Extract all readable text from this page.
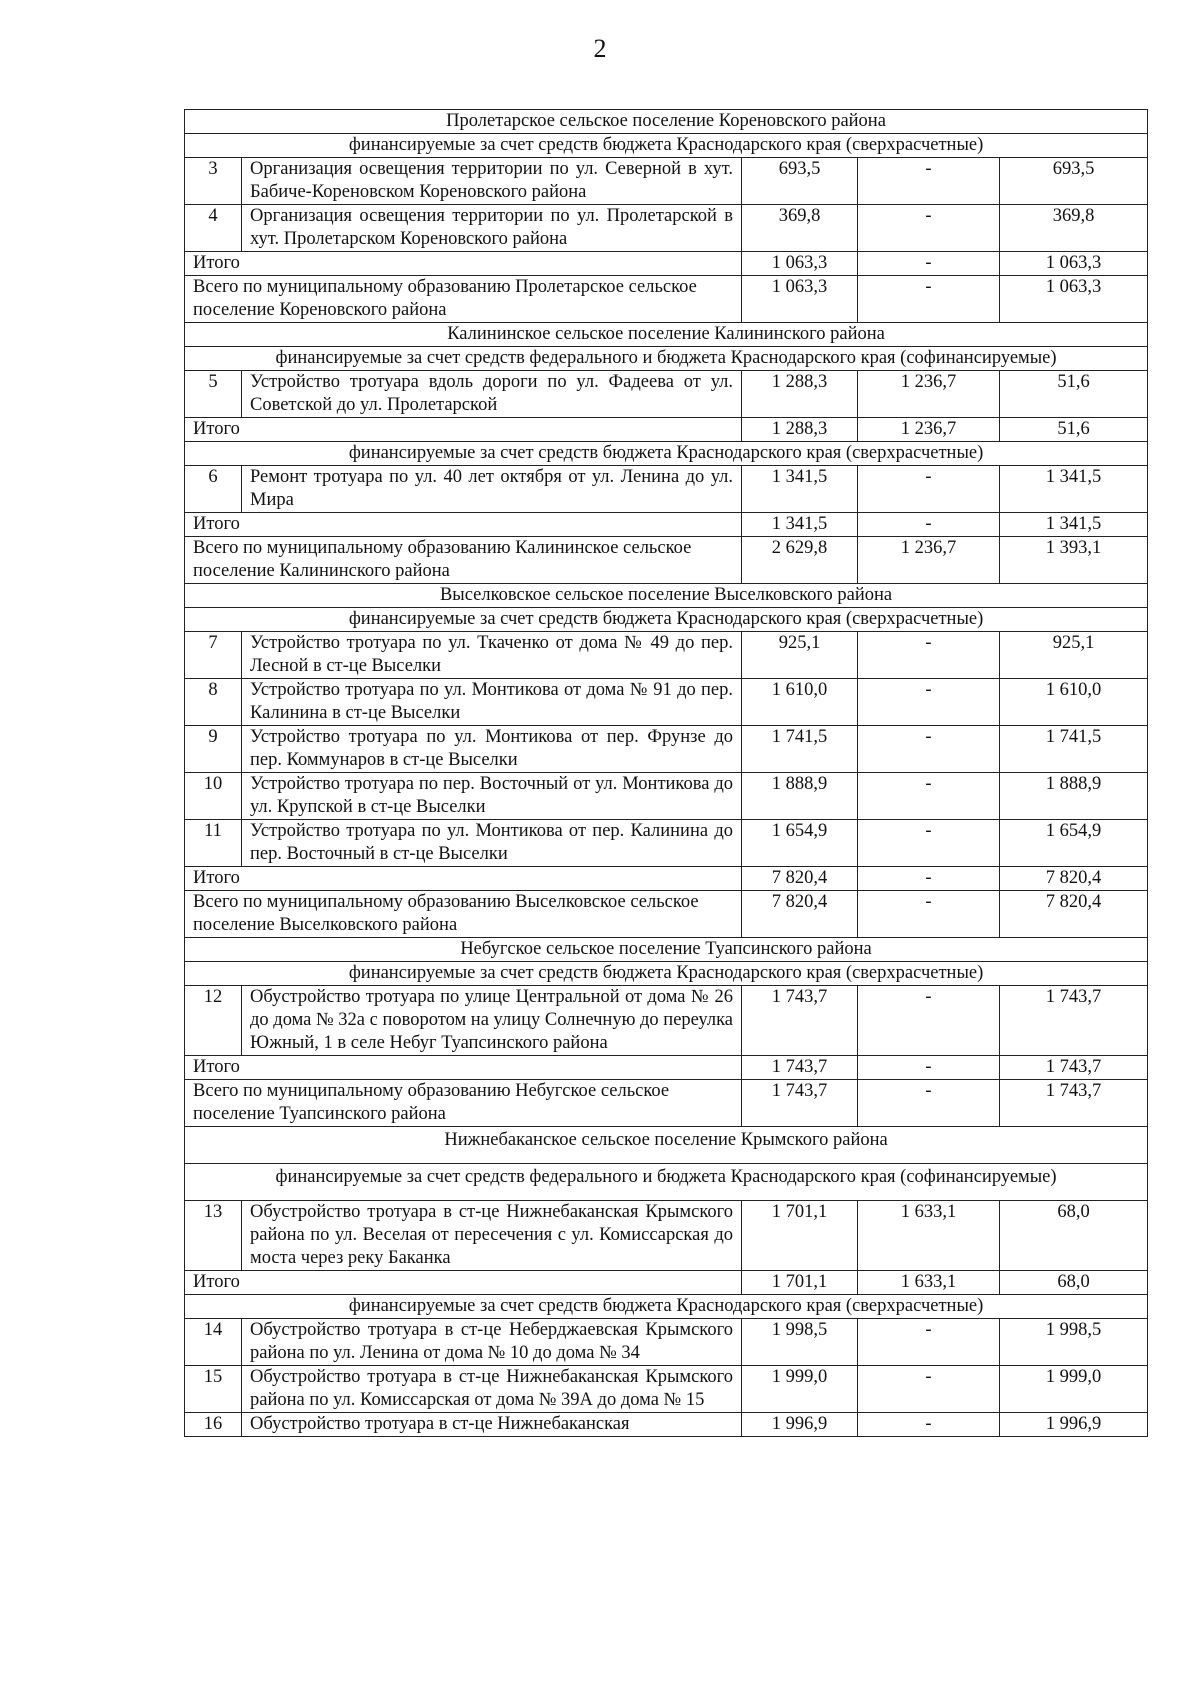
2
Пролетарское сельское поселение Кореновского района				
финансируемые за счет средств бюджета Краснодарского края (сверхрасчетные)				
3	Организация освещения территории по ул. Северной в хут. Бабиче-Кореновском Кореновского района	693,5	-	693,5
4	Организация освещения территории по ул. Пролетарской в хут. Пролетарском Кореновского района	369,8	-	369,8
Итого		1 063,3	-	1 063,3
Всего по муниципальному образованию Пролетарское сельское поселение Кореновского района		1 063,3	-	1 063,3
Калининское сельское поселение Калининского района				
финансируемые за счет средств федерального и бюджета Краснодарского края (софинансируемые)				
5	Устройство тротуара вдоль дороги по ул. Фадеева от ул. Советской до ул. Пролетарской	1 288,3	1 236,7	51,6
Итого		1 288,3	1 236,7	51,6
финансируемые за счет средств бюджета Краснодарского края (сверхрасчетные)				
6	Ремонт тротуара по ул. 40 лет октября от ул. Ленина до ул. Мира	1 341,5	-	1 341,5
Итого		1 341,5	-	1 341,5
Всего по муниципальному образованию Калининское сельское поселение Калининского района		2 629,8	1 236,7	1 393,1
Выселковское сельское поселение Выселковского района				
финансируемые за счет средств бюджета Краснодарского края (сверхрасчетные)				
7	Устройство тротуара по ул. Ткаченко от дома № 49 до пер. Лесной в ст-це Выселки	925,1	-	925,1
8	Устройство тротуара по ул. Монтикова от дома № 91 до пер. Калинина в ст-це Выселки	1 610,0	-	1 610,0
9	Устройство тротуара по ул. Монтикова от пер. Фрунзе до пер. Коммунаров в ст-це Выселки	1 741,5	-	1 741,5
10	Устройство тротуара по пер. Восточный от ул. Монтикова до ул. Крупской в ст-це Выселки	1 888,9	-	1 888,9
11	Устройство тротуара по ул. Монтикова от пер. Калинина до пер. Восточный в ст-це Выселки	1 654,9	-	1 654,9
Итого		7 820,4	-	7 820,4
Всего по муниципальному образованию Выселковское сельское поселение Выселковского района		7 820,4	-	7 820,4
Небугское сельское поселение Туапсинского района				
финансируемые за счет средств бюджета Краснодарского края (сверхрасчетные)				
12	Обустройство тротуара по улице Центральной от дома № 26 до дома № 32а с поворотом на улицу Солнечную до переулка Южный, 1 в селе Небуг Туапсинского района	1 743,7	-	1 743,7
Итого		1 743,7	-	1 743,7
Всего по муниципальному образованию Небугское сельское поселение Туапсинского района		1 743,7	-	1 743,7
Нижнебаканское сельское поселение Крымского района				
финансируемые за счет средств федерального и бюджета Краснодарского края (софинансируемые)				
13	Обустройство тротуара в ст-це Нижнебаканская Крымского района по ул. Веселая от пересечения с ул. Комиссарская до моста через реку Баканка	1 701,1	1 633,1	68,0
Итого		1 701,1	1 633,1	68,0
финансируемые за счет средств бюджета Краснодарского края (сверхрасчетные)				
14	Обустройство тротуара в ст-це Неберджаевская Крымского района по ул. Ленина от дома № 10 до дома № 34	1 998,5	-	1 998,5
15	Обустройство тротуара в ст-це Нижнебаканская Крымского района по ул. Комиссарская от дома № 39А до дома № 15	1 999,0	-	1 999,0
16	Обустройство тротуара в ст-це Нижнебаканская	1 996,9	-	1 996,9
